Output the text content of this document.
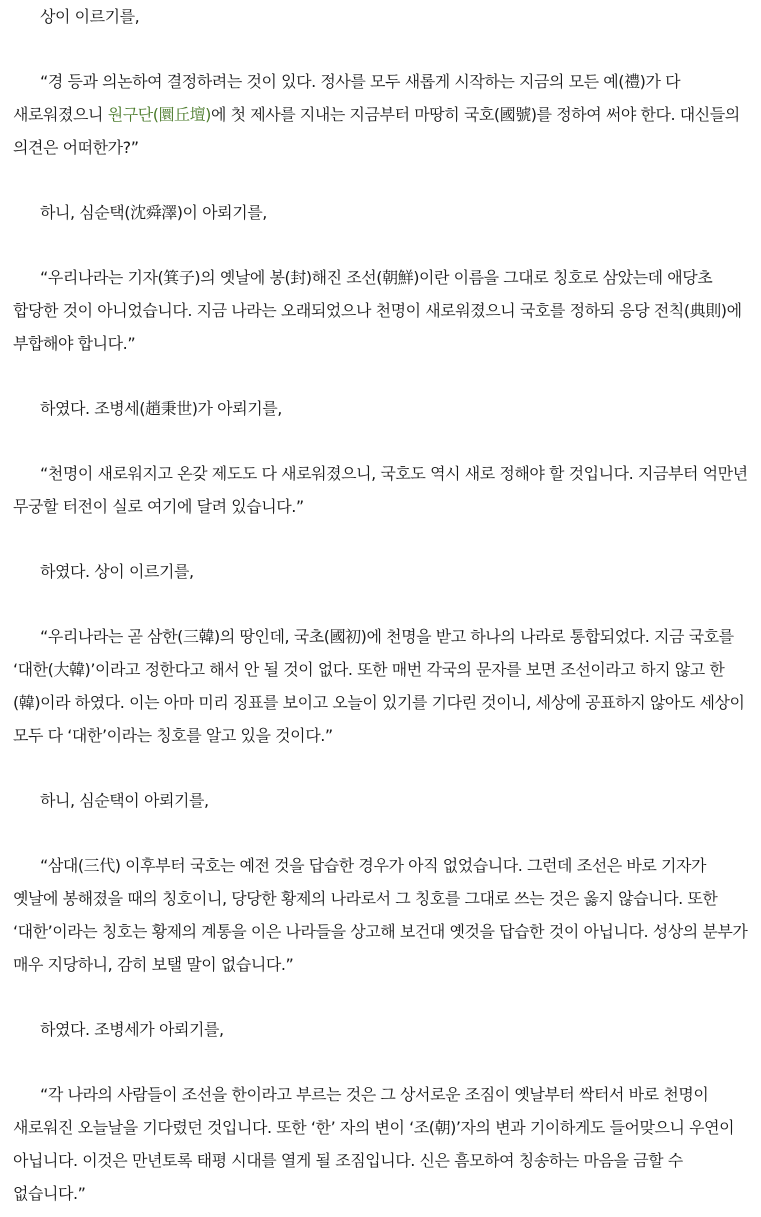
상이 이르기를,

“경 등과 의논하여 결정하려는 것이 있다. 정사를 모두 새롭게 시작하는 지금의 모든 예(禮)가 다 새로워졌으니 원구단(圜丘壇)에 첫 제사를 지내는 지금부터 마땅히 국호(國號)를 정하여 써야 한다. 대신들의 의견은 어떠한가?”

하니, 심순택(沈舜澤)이 아뢰기를,

“우리나라는 기자(箕子)의 옛날에 봉(封)해진 조선(朝鮮)이란 이름을 그대로 칭호로 삼았는데 애당초 합당한 것이 아니었습니다. 지금 나라는 오래되었으나 천명이 새로워졌으니 국호를 정하되 응당 전칙(典則)에 부합해야 합니다.”

하였다. 조병세(趙秉世)가 아뢰기를,

“천명이 새로워지고 온갖 제도도 다 새로워졌으니, 국호도 역시 새로 정해야 할 것입니다. 지금부터 억만년 무궁할 터전이 실로 여기에 달려 있습니다.”

하였다. 상이 이르기를,

“우리나라는 곧 삼한(三韓)의 땅인데, 국초(國初)에 천명을 받고 하나의 나라로 통합되었다. 지금 국호를 ‘대한(大韓)’이라고 정한다고 해서 안 될 것이 없다. 또한 매번 각국의 문자를 보면 조선이라고 하지 않고 한(韓)이라 하였다. 이는 아마 미리 징표를 보이고 오늘이 있기를 기다린 것이니, 세상에 공표하지 않아도 세상이 모두 다 ‘대한’이라는 칭호를 알고 있을 것이다.”

하니, 심순택이 아뢰기를,

“삼대(三代) 이후부터 국호는 예전 것을 답습한 경우가 아직 없었습니다. 그런데 조선은 바로 기자가 옛날에 봉해졌을 때의 칭호이니, 당당한 황제의 나라로서 그 칭호를 그대로 쓰는 것은 옳지 않습니다. 또한 ‘대한’이라는 칭호는 황제의 계통을 이은 나라들을 상고해 보건대 옛것을 답습한 것이 아닙니다. 성상의 분부가 매우 지당하니, 감히 보탤 말이 없습니다.”

하였다. 조병세가 아뢰기를,

“각 나라의 사람들이 조선을 한이라고 부르는 것은 그 상서로운 조짐이 옛날부터 싹터서 바로 천명이 새로워진 오늘날을 기다렸던 것입니다. 또한 ‘한’ 자의 변이 ‘조(朝)’자의 변과 기이하게도 들어맞으니 우연이 아닙니다. 이것은 만년토록 태평 시대를 열게 될 조짐입니다. 신은 흠모하여 칭송하는 마음을 금할 수 없습니다.”
